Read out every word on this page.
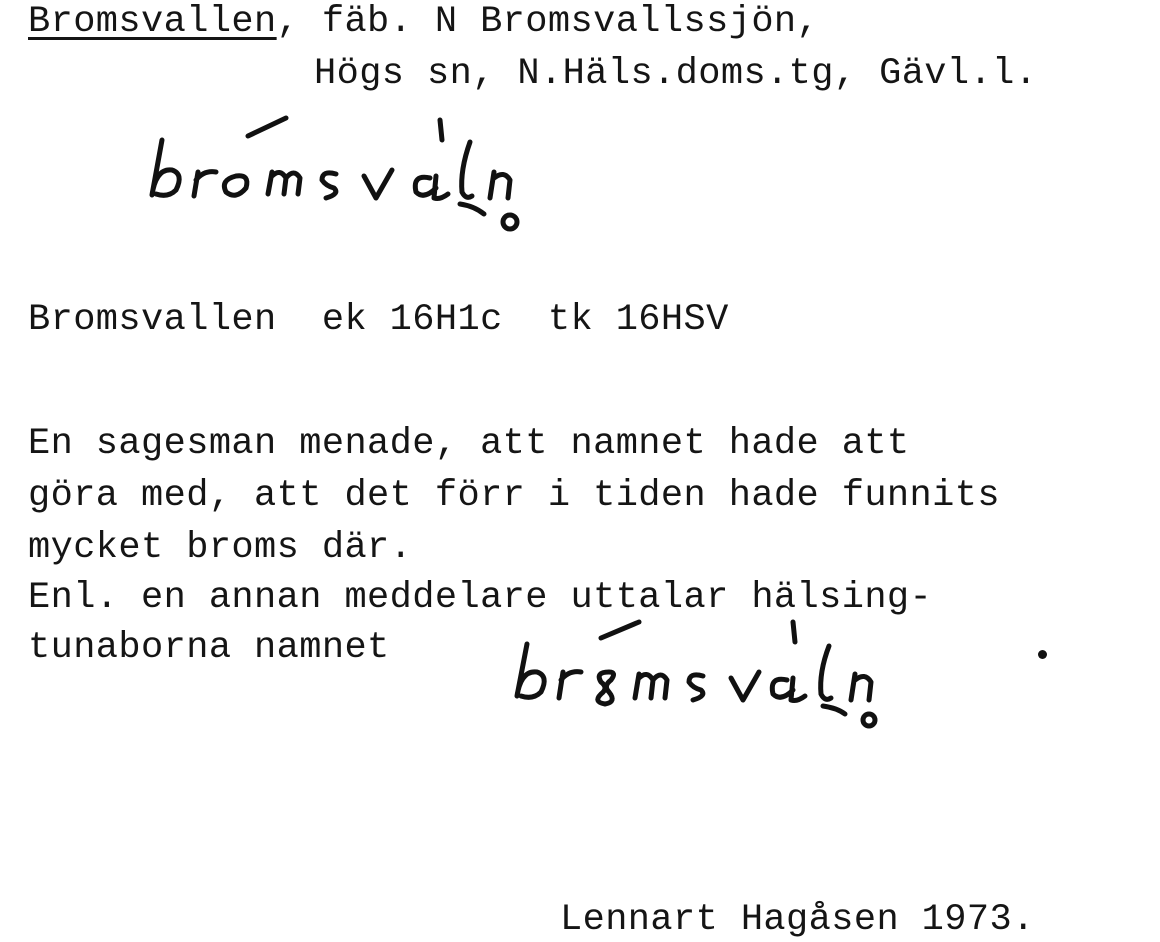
Bromsvallen, fäb. N Bromsvallssjön,
Högs sn, N.Häls.doms.tg, Gävl.l.
Bromsvallen  ek 16H1c  tk 16HSV
En sagesman menade, att namnet hade att
göra med, att det förr i tiden hade funnits
mycket broms där.
Enl. en annan meddelare uttalar hälsing-
tunaborna namnet
Lennart Hagåsen 1973.
